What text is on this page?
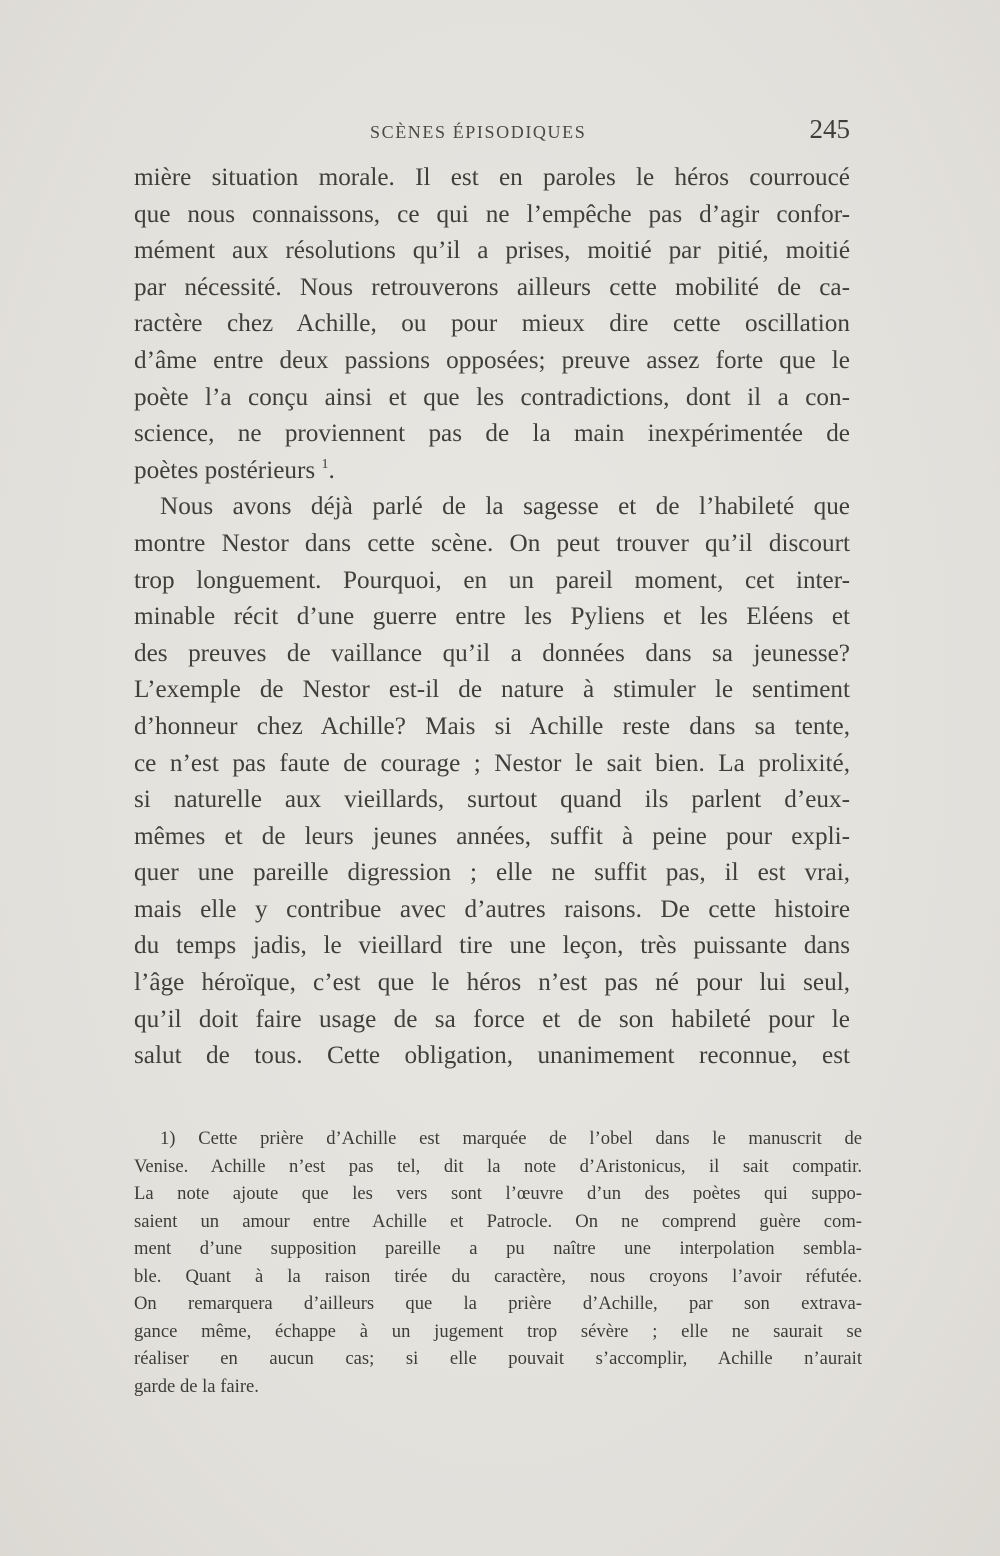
SCÈNES ÉPISODIQUES	245
mière situation morale. Il est en paroles le héros courroucé
que nous connaissons, ce qui ne l’empêche pas d’agir confor-
mément aux résolutions qu’il a prises, moitié par pitié, moitié
par nécessité. Nous retrouverons ailleurs cette mobilité de ca-
ractère chez Achille, ou pour mieux dire cette oscillation
d’âme entre deux passions opposées; preuve assez forte que le
poète l’a conçu ainsi et que les contradictions, dont il a con-
science, ne proviennent pas de la main inexpérimentée de
poètes postérieurs $^1$.
Nous avons déjà parlé de la sagesse et de l’habileté que
montre Nestor dans cette scène. On peut trouver qu’il discourt
trop longuement. Pourquoi, en un pareil moment, cet inter-
minable récit d’une guerre entre les Pyliens et les Eléens et
des preuves de vaillance qu’il a données dans sa jeunesse?
L’exemple de Nestor est-il de nature à stimuler le sentiment
d’honneur chez Achille? Mais si Achille reste dans sa tente,
ce n’est pas faute de courage ; Nestor le sait bien. La prolixité,
si naturelle aux vieillards, surtout quand ils parlent d’eux-
mêmes et de leurs jeunes années, suffit à peine pour expli-
quer une pareille digression ; elle ne suffit pas, il est vrai,
mais elle y contribue avec d’autres raisons. De cette histoire
du temps jadis, le vieillard tire une leçon, très puissante dans
l’âge héroïque, c’est que le héros n’est pas né pour lui seul,
qu’il doit faire usage de sa force et de son habileté pour le
salut de tous. Cette obligation, unanimement reconnue, est
1) Cette prière d’Achille est marquée de l’obel dans le manuscrit de
Venise. Achille n’est pas tel, dit la note d’Aristonicus, il sait compatir.
La note ajoute que les vers sont l’œuvre d’un des poètes qui suppo-
saient un amour entre Achille et Patrocle. On ne comprend guère com-
ment d’une supposition pareille a pu naître une interpolation sembla-
ble. Quant à la raison tirée du caractère, nous croyons l’avoir réfutée.
On remarquera d’ailleurs que la prière d’Achille, par son extrava-
gance même, échappe à un jugement trop sévère ; elle ne saurait se
réaliser en aucun cas; si elle pouvait s’accomplir, Achille n’aurait
garde de la faire.
